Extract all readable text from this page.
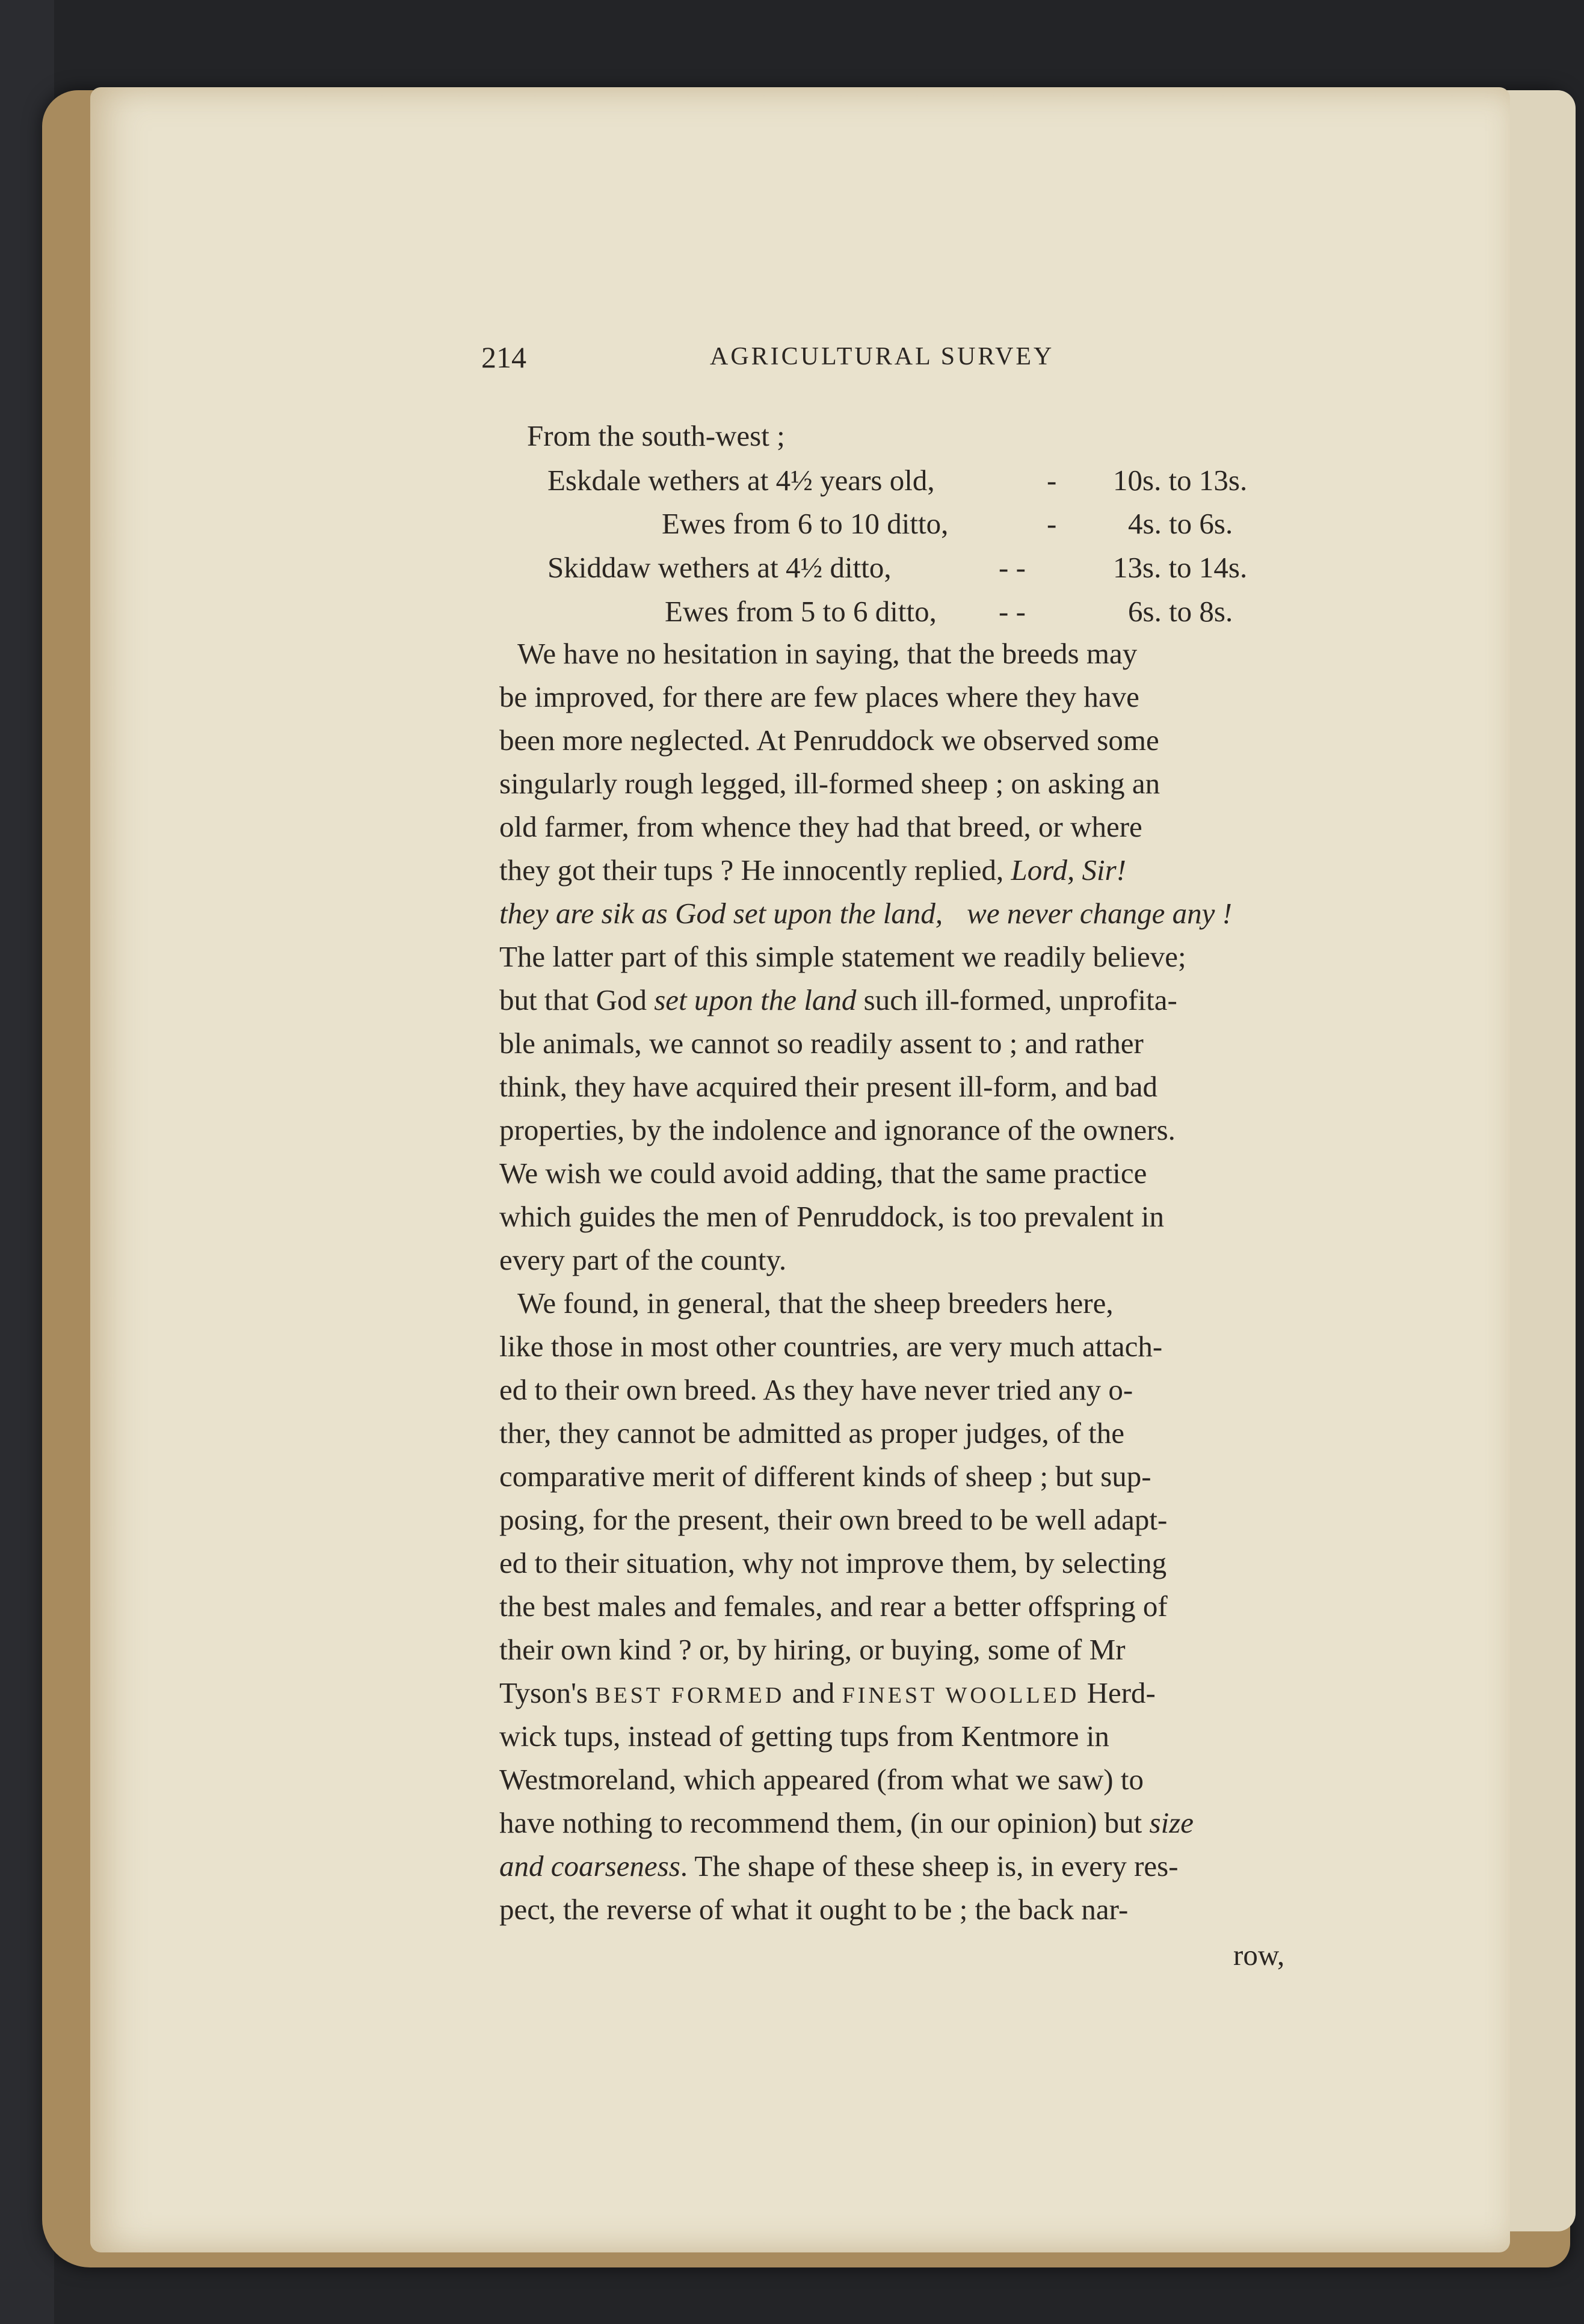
214	AGRICULTURAL SURVEY
From the south-west ;
Eskdale wethers at 4½ years old,	- 10s. to 13s.
Ewes from 6 to 10 ditto,	- 4s. to 6s.
Skiddaw wethers at 4½ ditto,	- -	13s. to 14s.
Ewes from 5 to 6 ditto, - -	6s. to 8s.
We have no hesitation in saying, that the breeds may
be improved, for there are few places where they have
been more neglected. At Penruddock we observed some
singularly rough legged, ill-formed sheep ; on asking an
old farmer, from whence they had that breed, or where
they got their tups ? He innocently replied, Lord, Sir!
they are sik as God set upon the land, we never change any !
The latter part of this simple statement we readily believe;
but that God set upon the land such ill-formed, unprofita-
ble animals, we cannot so readily assent to ; and rather
think, they have acquired their present ill-form, and bad
properties, by the indolence and ignorance of the owners.
We wish we could avoid adding, that the same practice
which guides the men of Penruddock, is too prevalent in
every part of the county.
We found, in general, that the sheep breeders here,
like those in most other countries, are very much attach-
ed to their own breed. As they have never tried any o-
ther, they cannot be admitted as proper judges, of the
comparative merit of different kinds of sheep ; but sup-
posing, for the present, their own breed to be well adapt-
ed to their situation, why not improve them, by selecting
the best males and females, and rear a better offspring of
their own kind ? or, by hiring, or buying, some of Mr
Tyson's BEST FORMED and FINEST WOOLLED Herd-
wick tups, instead of getting tups from Kentmore in
Westmoreland, which appeared (from what we saw) to
have nothing to recommend them, (in our opinion) but size
and coarseness. The shape of these sheep is, in every res-
pect, the reverse of what it ought to be ; the back nar-
row,
